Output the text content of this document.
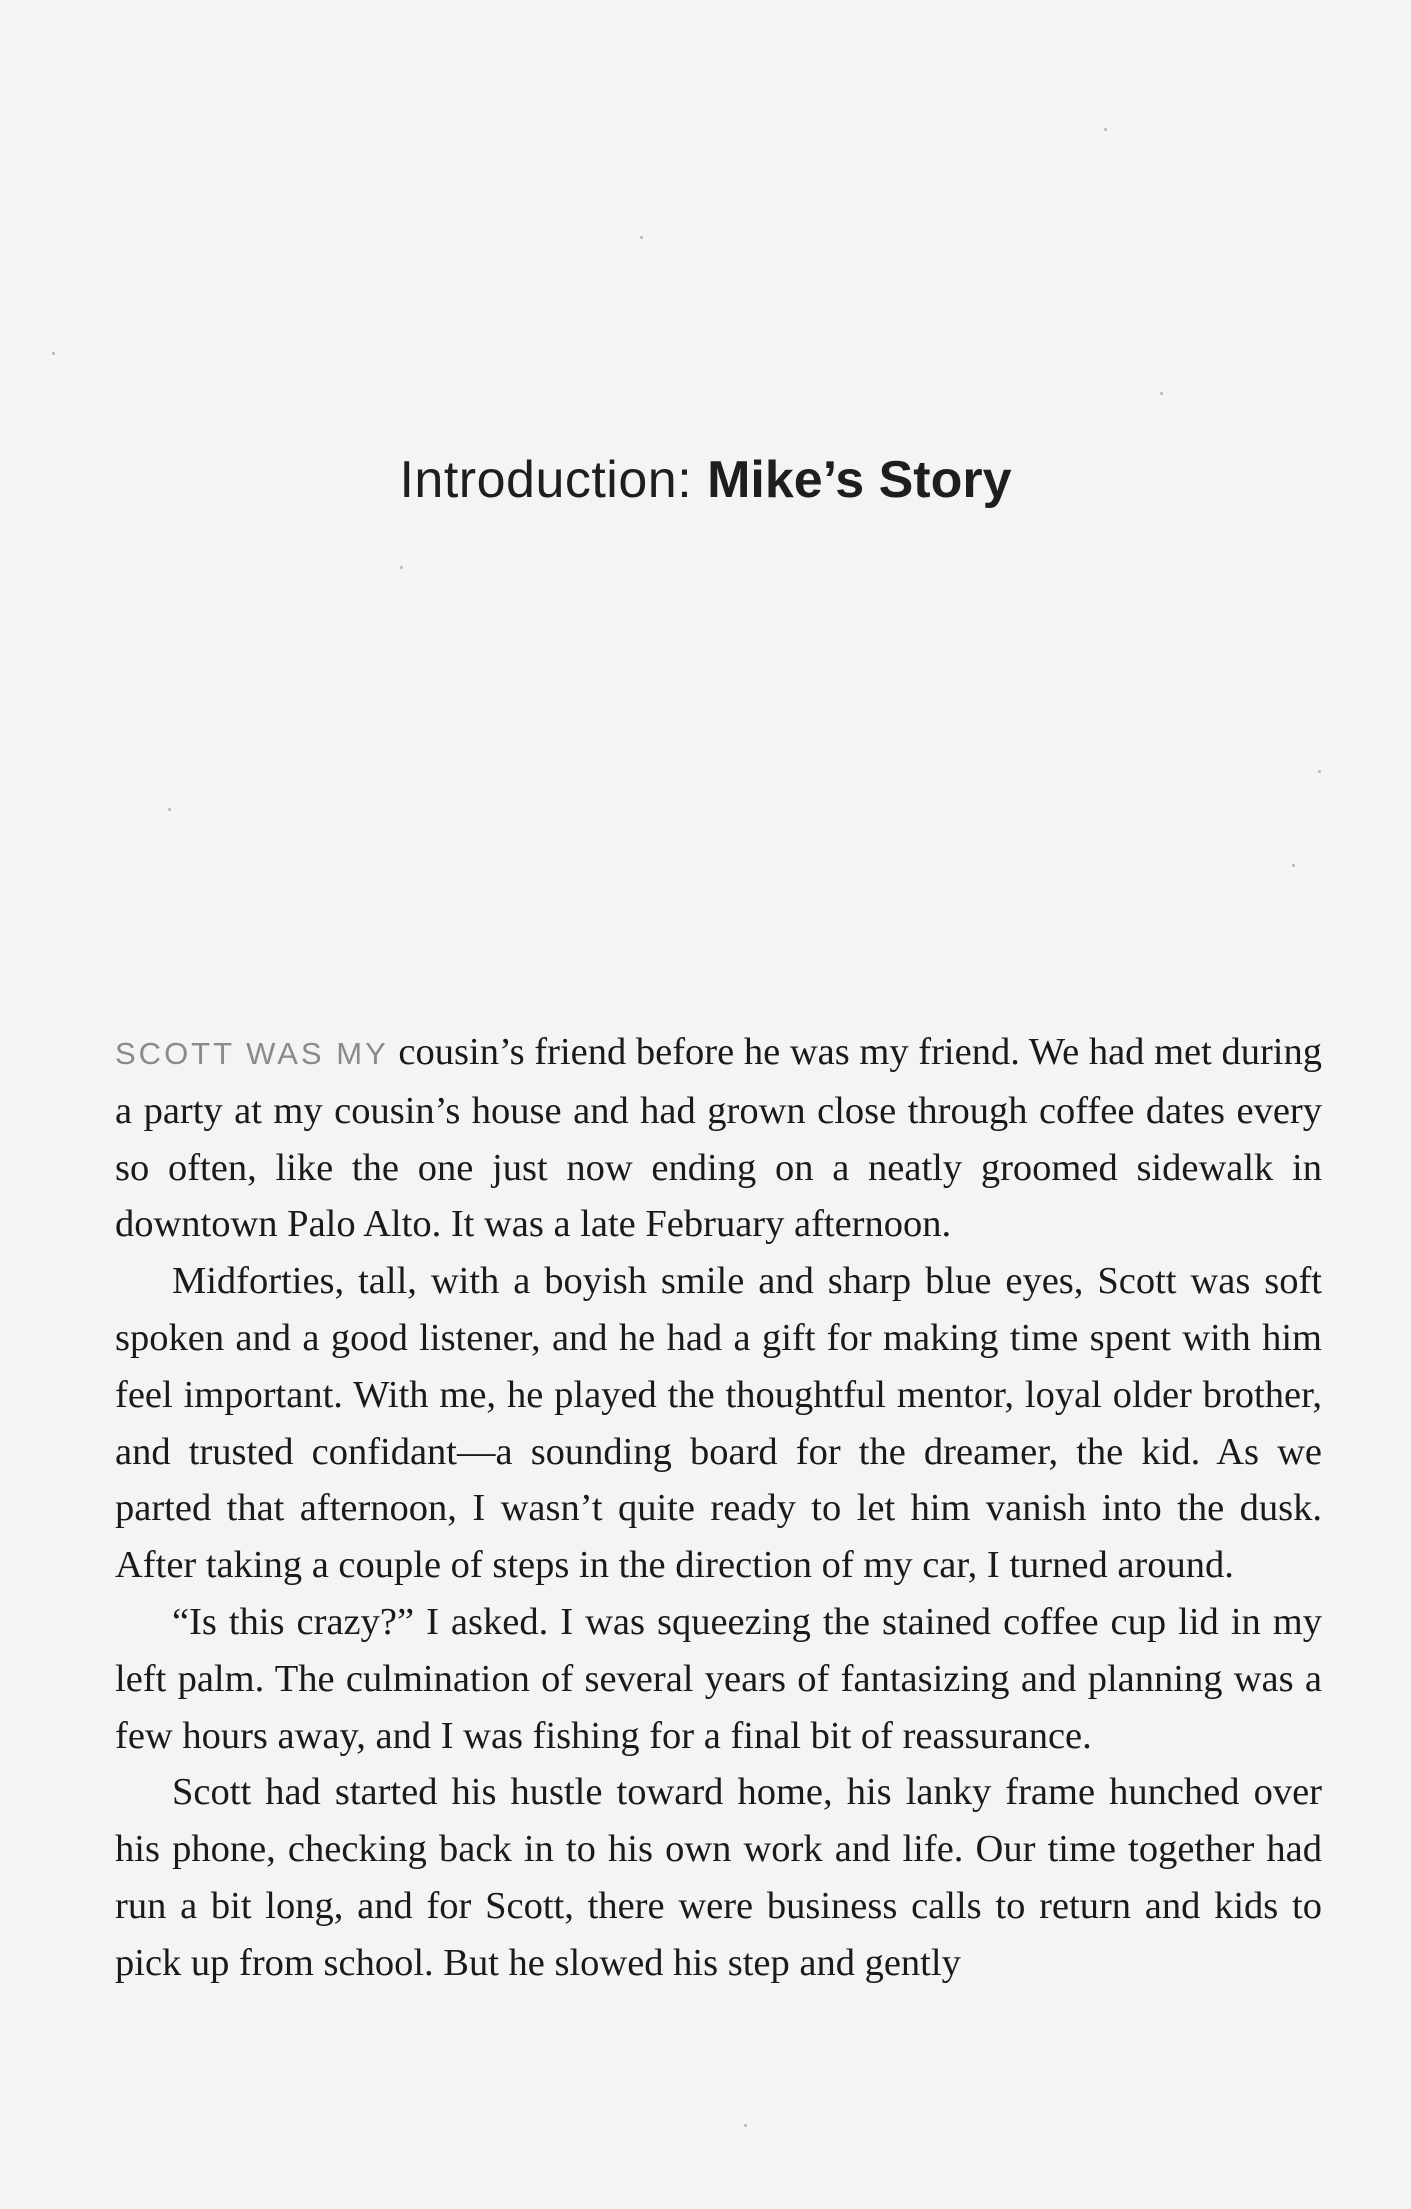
Introduction: Mike’s Story

SCOTT WAS MY cousin’s friend before he was my friend. We had met during a party at my cousin’s house and had grown close through coffee dates every so often, like the one just now ending on a neatly groomed sidewalk in downtown Palo Alto. It was a late February afternoon.

Midforties, tall, with a boyish smile and sharp blue eyes, Scott was soft spoken and a good listener, and he had a gift for making time spent with him feel important. With me, he played the thoughtful mentor, loyal older brother, and trusted confidant—a sounding board for the dreamer, the kid. As we parted that afternoon, I wasn’t quite ready to let him vanish into the dusk. After taking a couple of steps in the direction of my car, I turned around.

“Is this crazy?” I asked. I was squeezing the stained coffee cup lid in my left palm. The culmination of several years of fantasizing and planning was a few hours away, and I was fishing for a final bit of reassurance.

Scott had started his hustle toward home, his lanky frame hunched over his phone, checking back in to his own work and life. Our time together had run a bit long, and for Scott, there were business calls to return and kids to pick up from school. But he slowed his step and gently
